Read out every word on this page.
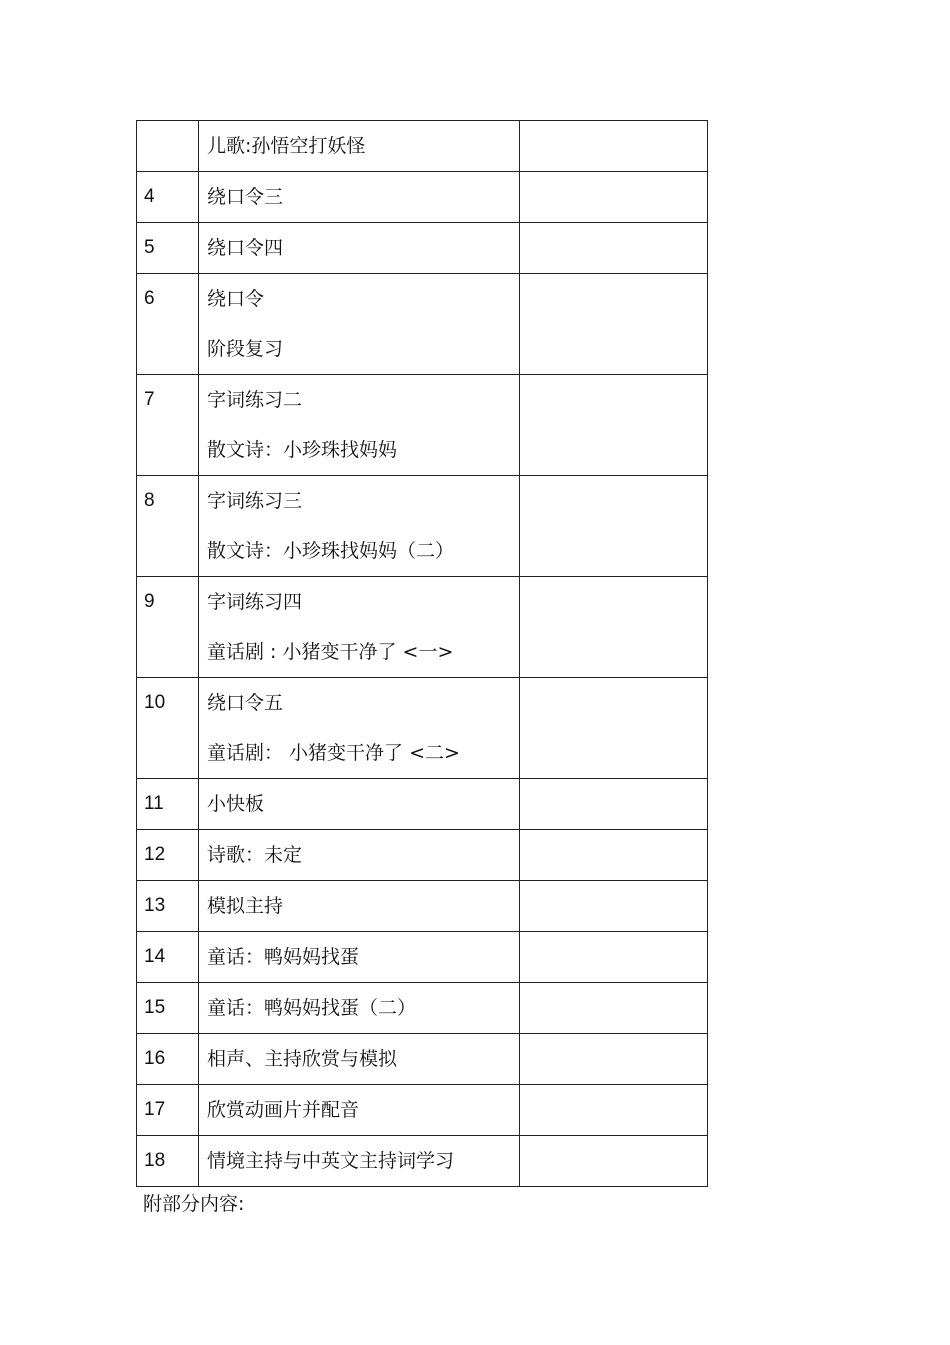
	儿歌:孙悟空打妖怪	

4	绕口令三	

5	绕口令四	

6	绕口令
阶段复习	

7	字词练习二
散文诗：小珍珠找妈妈	

8	字词练习三
散文诗：小珍珠找妈妈（二）	

9	字词练习四
童话剧 : 小猪变干净了 <一>	

10	绕口令五
童话剧： 小猪变干净了 <二>	

11	小快板	

12	诗歌：未定	

13	模拟主持	

14	童话：鸭妈妈找蛋	

15	童话：鸭妈妈找蛋（二）	

16	相声、主持欣赏与模拟	

17	欣赏动画片并配音	

18	情境主持与中英文主持词学习	

附部分内容:
